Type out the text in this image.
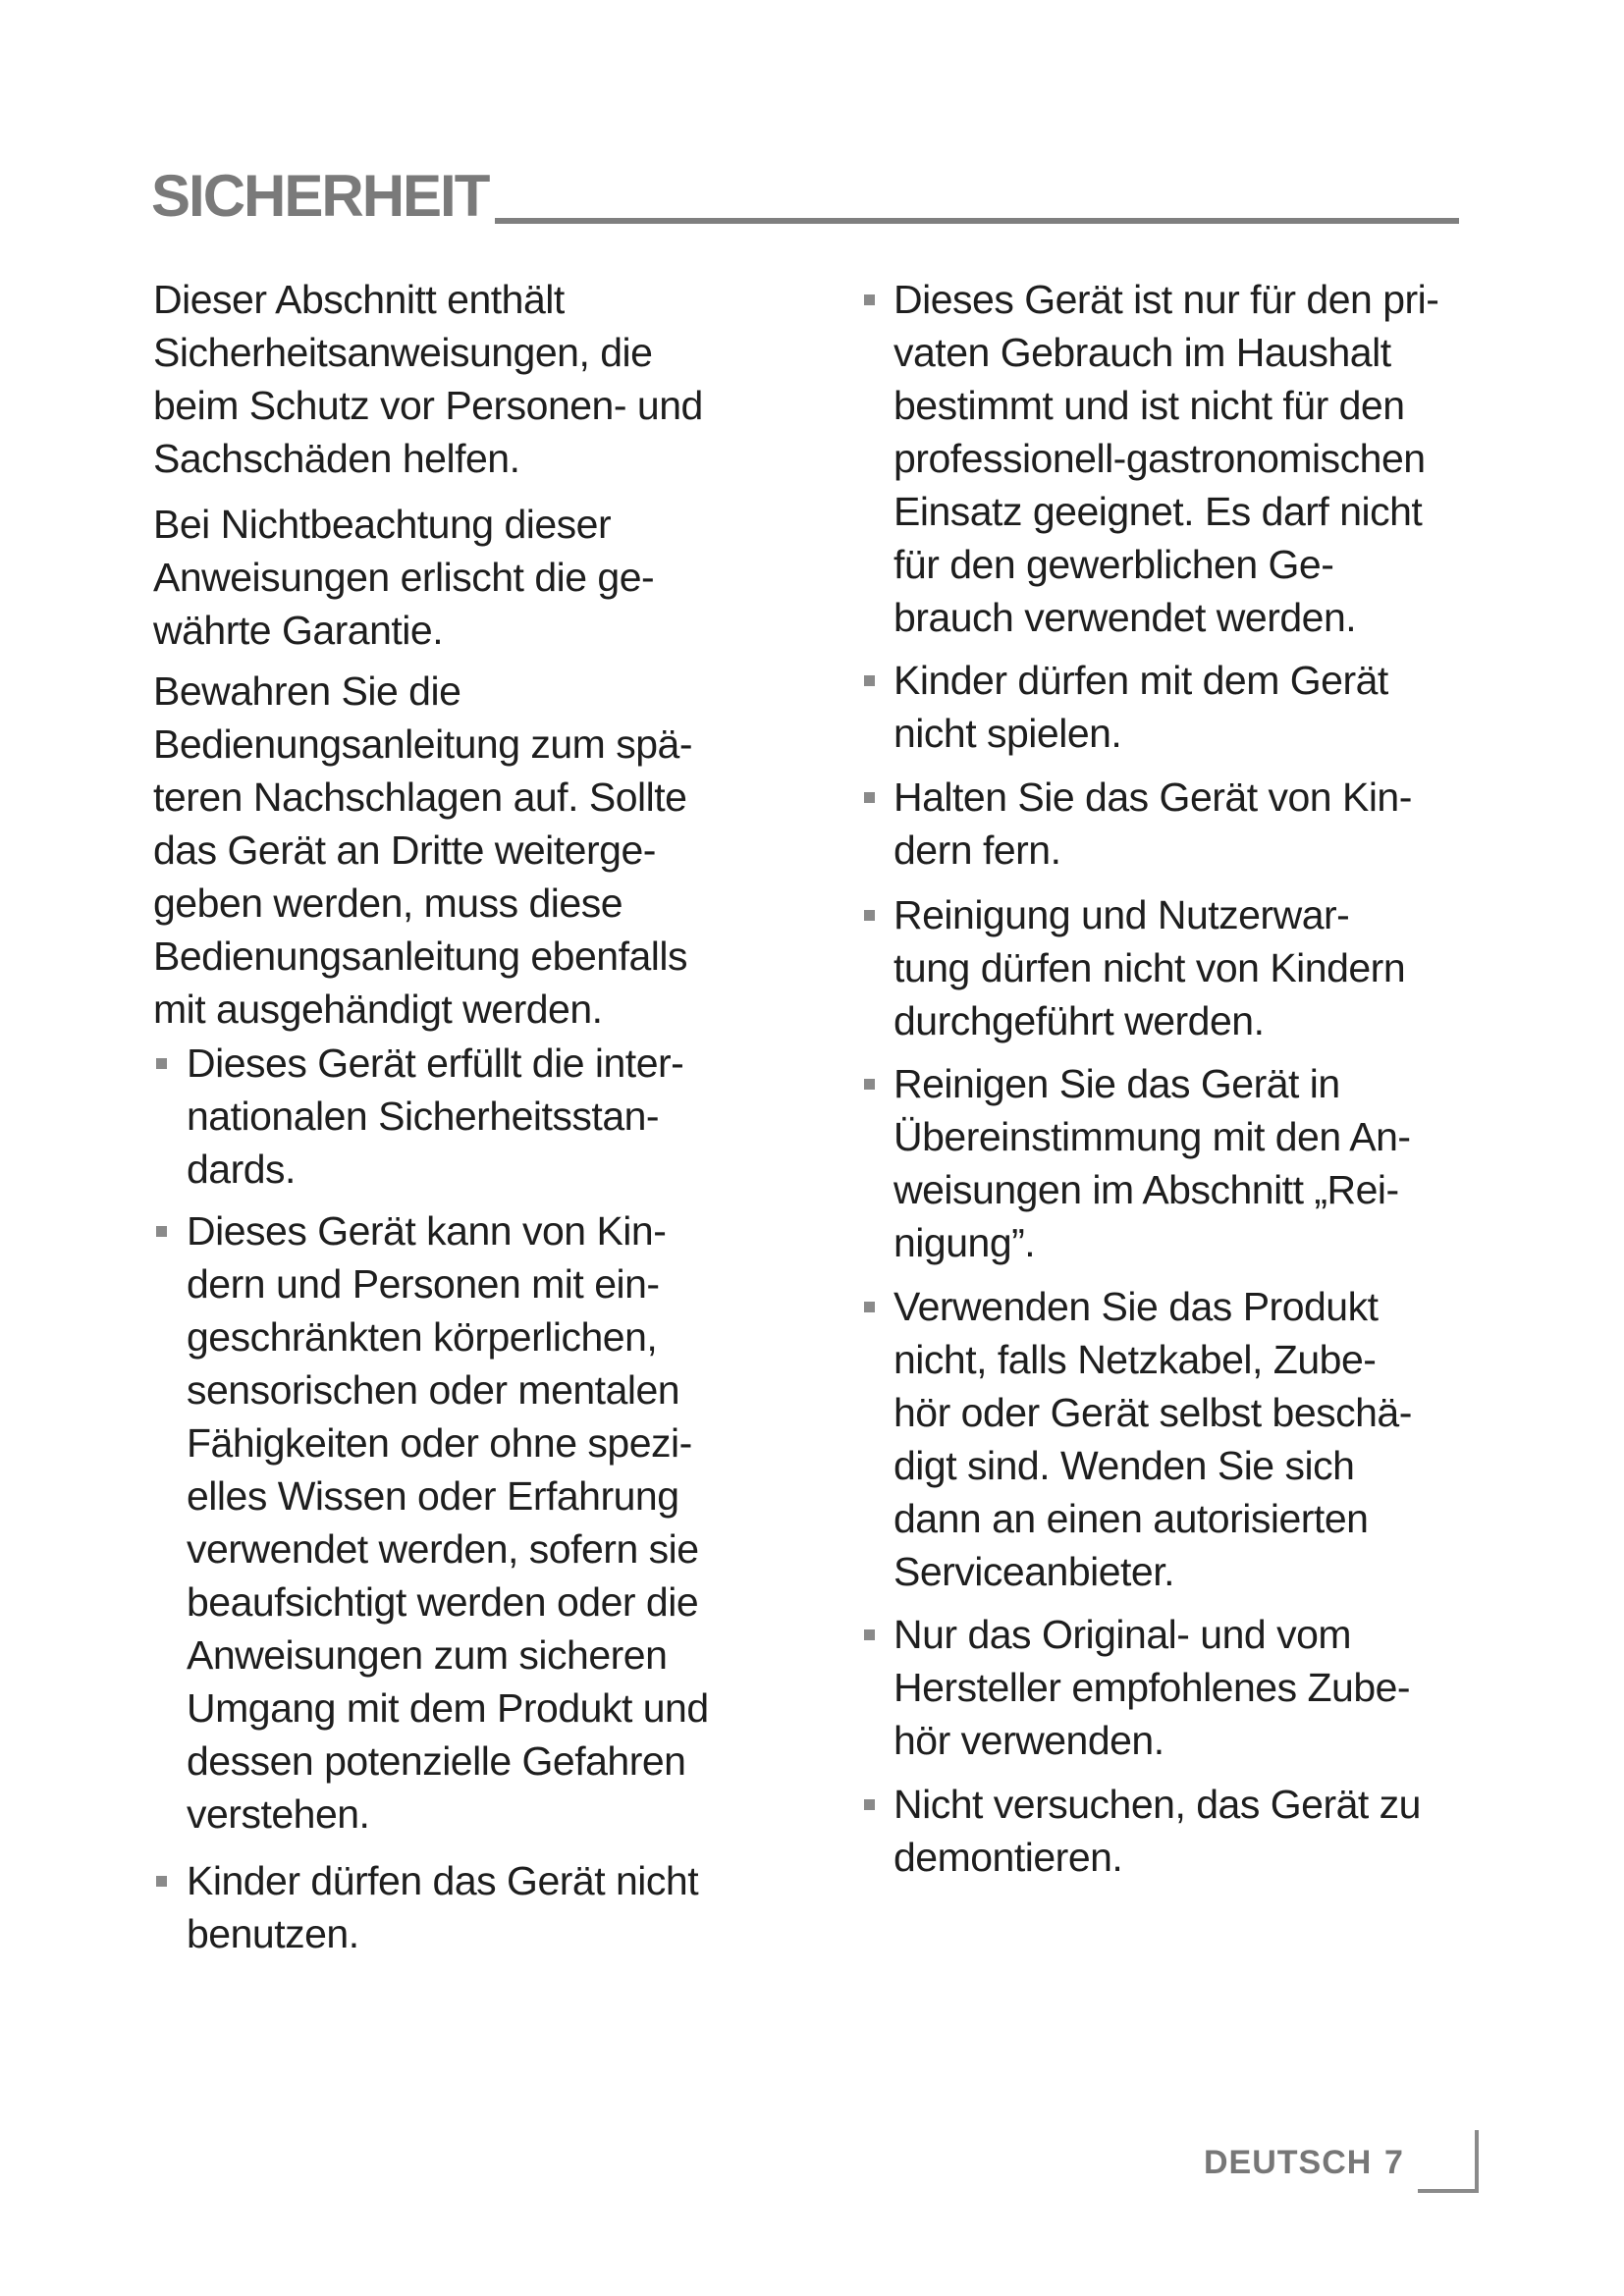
SICHERHEIT
Dieser Abschnitt enthält
Sicherheitsanweisungen, die
beim Schutz vor Personen- und
Sachschäden helfen.
Bei Nichtbeachtung dieser
Anweisungen erlischt die ge-
währte Garantie.
Bewahren Sie die
Bedienungsanleitung zum spä-
teren Nachschlagen auf. Sollte
das Gerät an Dritte weiterge-
geben werden, muss diese
Bedienungsanleitung ebenfalls
mit ausgehändigt werden.
Dieses Gerät erfüllt die inter-
nationalen Sicherheitsstan-
dards.
Dieses Gerät kann von Kin-
dern und Personen mit ein-
geschränkten körperlichen,
sensorischen oder mentalen
Fähigkeiten oder ohne spezi-
elles Wissen oder Erfahrung
verwendet werden, sofern sie
beaufsichtigt werden oder die
Anweisungen zum sicheren
Umgang mit dem Produkt und
dessen potenzielle Gefahren
verstehen.
Kinder dürfen das Gerät nicht
benutzen.
Dieses Gerät ist nur für den pri-
vaten Gebrauch im Haushalt
bestimmt und ist nicht für den
professionell-gastronomischen
Einsatz geeignet. Es darf nicht
für den gewerblichen Ge-
brauch verwendet werden.
Kinder dürfen mit dem Gerät
nicht spielen.
Halten Sie das Gerät von Kin-
dern fern.
Reinigung und Nutzerwar-
tung dürfen nicht von Kindern
durchgeführt werden.
Reinigen Sie das Gerät in
Übereinstimmung mit den An-
weisungen im Abschnitt „Rei-
nigung”.
Verwenden Sie das Produkt
nicht, falls Netzkabel, Zube-
hör oder Gerät selbst beschä-
digt sind. Wenden Sie sich
dann an einen autorisierten
Serviceanbieter.
Nur das Original- und vom
Hersteller empfohlenes Zube-
hör verwenden.
Nicht versuchen, das Gerät zu
demontieren.
DEUTSCH 7
